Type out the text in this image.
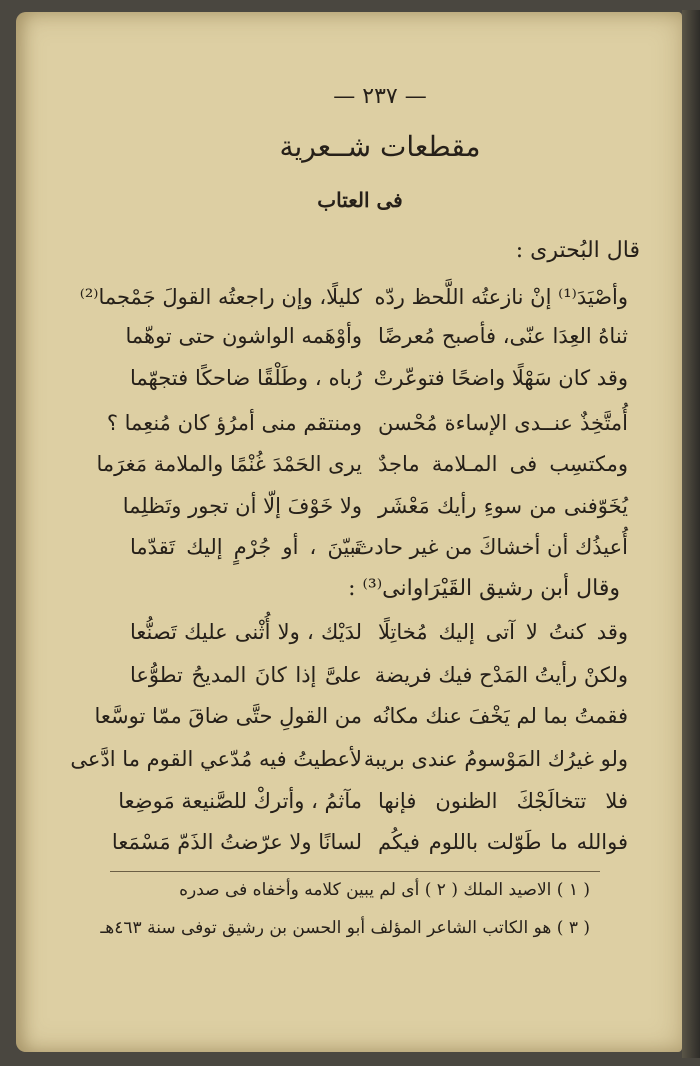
— ٢٣٧ —
مقطعات شــعرية
فى العتاب
قال البُحترى :
وأصْيَدَ⁽¹⁾ إنْ نازعتُه اللَّحظ ردّه
كليلًا، وإن راجعتُه القولَ جَمْجما⁽²⁾
ثناهُ العِدَا عنّى، فأصبح مُعرضًا
وأوْهَمه الواشون حتى توهّما
وقد كان سَهْلًا واضحًا فتوعّرتْ
رُباه ، وطَلْقًا ضاحكًا فتجهّما
أُمتَّخِذٌ عنــدى الإساءة مُحْسن
ومنتقم منى أمرُؤ كان مُنعِما ؟
ومكتسِب فى المـلامة ماجدٌ
يرى الحَمْدَ غُنْمًا والملامة مَغرَما
يُخَوّفنى من سوءِ رأيك مَعْشَر
ولا خَوْفَ إلّا أن تجور وتَظلِما
أُعيذُك أن أخشاكَ من غير حادث
تَبيّنَ ، أو جُرْمٍ إليك تَقدّما
وقال أبن رشيق القَيْرَاوانى⁽³⁾ :
وقد كنتُ لا آتى إليك مُخاتِلًا
لدَيْك ، ولا أُثْنى عليك تَصنُّعا
ولكنْ رأيتُ المَدْح فيك فريضة
علىَّ إذا كانَ المديحُ تطوُّعا
فقمتُ بما لم يَخْفَ عنك مكانُه
من القولِ حتَّى ضاقَ ممّا توسَّعا
ولو غيرُك المَوْسومُ عندى بريبة
لأعطيتُ فيه مُدّعي القوم ما ادَّعى
فلا تتخالَجْكَ الظنون فإنها
مآثمُ ، وأتركْ للصَّنيعة مَوضِعا
فوالله ما طَوّلت باللوم فيكُم
لسانًا ولا عرّضتُ الذَمّ مَسْمَعا
( ١ ) الاصيد الملك ( ٢ ) أى لم يبين كلامه وأخفاه فى صدره
( ٣ ) هو الكاتب الشاعر المؤلف أبو الحسن بن رشيق توفى سنة ٤٦٣هـ
